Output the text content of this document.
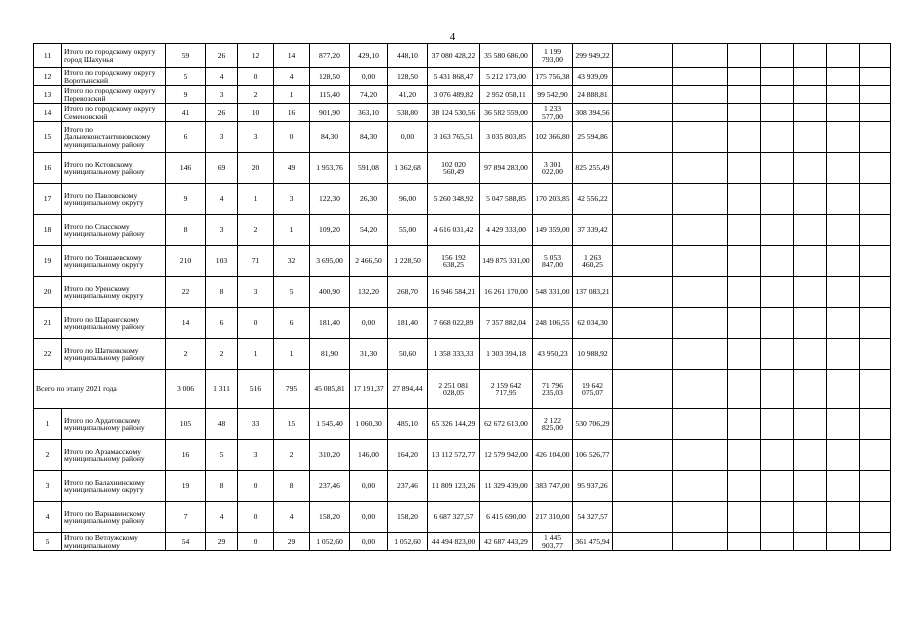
4
11	Итого по городскому округу город Шахунья	59	26	12	14	877,20	429,10	448,10	37 080 428,22	35 580 686,00	1 199 793,00	299 949,22							
12	Итого по городскому округу Воротынский	5	4	0	4	128,50	0,00	128,50	5 431 868,47	5 212 173,00	175 756,38	43 939,09							
13	Итого по городскому округу Перевозский	9	3	2	1	115,40	74,20	41,20	3 076 489,82	2 952 058,11	99 542,90	24 888,81							
14	Итого по городскому округу Семеновский	41	26	10	16	901,90	363,10	538,80	38 124 530,56	36 582 559,00	1 233 577,00	308 394,56							
15	Итого по Дальнеконстантиновскому муниципальному району	6	3	3	0	84,30	84,30	0,00	3 163 765,51	3 035 803,85	102 366,80	25 594,86							
16	Итого по Кстовскому муниципальному району	146	69	20	49	1 953,76	591,08	1 362,68	102 020 560,49	97 894 283,00	3 301 022,00	825 255,49							
17	Итого по Павловскому муниципальному округу	9	4	1	3	122,30	26,30	96,00	5 260 348,92	5 047 588,85	170 203,85	42 556,22							
18	Итого по Спасскому муниципальному району	8	3	2	1	109,20	54,20	55,00	4 616 031,42	4 429 333,00	149 359,00	37 339,42							
19	Итого по Тоншаевскому муниципальному округу	210	103	71	32	3 695,00	2 466,50	1 228,50	156 192 638,25	149 875 331,00	5 053 847,00	1 263 460,25							
20	Итого по Уренскому муниципальному округу	22	8	3	5	400,90	132,20	268,70	16 946 584,21	16 261 170,00	548 331,00	137 083,21							
21	Итого по Шарангскому муниципальному району	14	6	0	6	181,40	0,00	181,40	7 668 022,89	7 357 882,04	248 106,55	62 034,30							
22	Итого по Шатковскому муниципальному району	2	2	1	1	81,90	31,30	50,60	1 358 333,33	1 303 394,18	43 950,23	10 988,92							
Всего по этапу 2021 года		3 006	1 311	516	795	45 085,81	17 191,37	27 894,44	2 251 081 028,05	2 159 642 717,95	71 796 235,03	19 642 075,07							
1	Итого по Ардатовскому муниципальному району	105	48	33	15	1 545,40	1 060,30	485,10	65 326 144,29	62 672 613,00	2 122 825,00	530 706,29							
2	Итого по Арзамасскому муниципальному району	16	5	3	2	310,20	146,00	164,20	13 112 572,77	12 579 942,00	426 104,00	106 526,77							
3	Итого по Балахнинскому муниципальному округу	19	8	0	8	237,46	0,00	237,46	11 809 123,26	11 329 439,00	383 747,00	95 937,26							
4	Итого по Варнавинскому муниципальному району	7	4	0	4	158,20	0,00	158,20	6 687 327,57	6 415 690,00	217 310,00	54 327,57							
5	Итого по Ветлужскому муниципальному	54	29	0	29	1 052,60	0,00	1 052,60	44 494 823,00	42 687 443,29	1 445 903,77	361 475,94							
